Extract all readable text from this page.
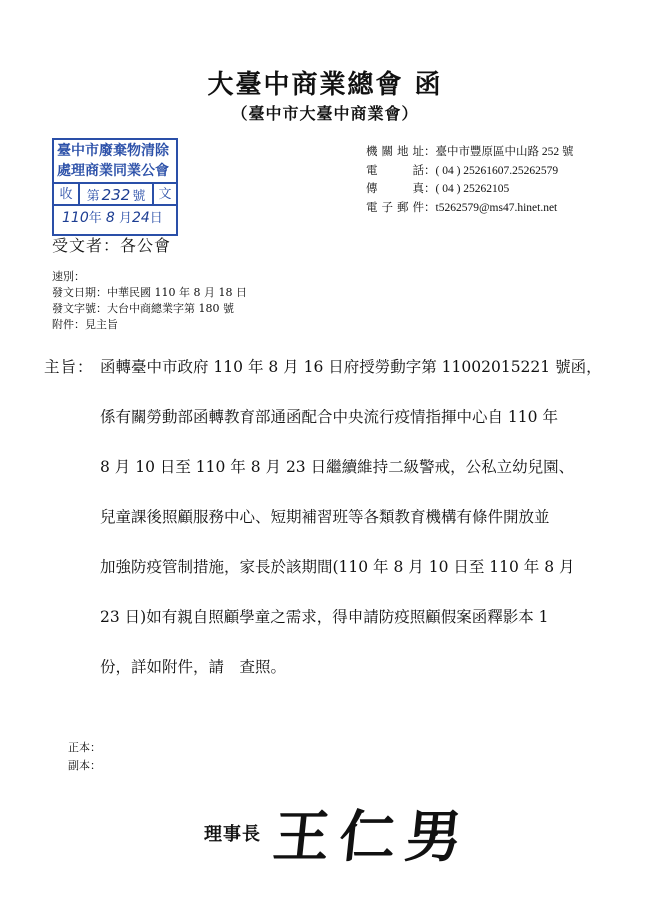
大臺中商業總會 函
（臺中市大臺中商業會）
臺中市廢棄物清除
處理商業同業公會
收	第 232 號	文
110年 8 月24日
機關地址：臺中市豐原區中山路 252 號
電　話：( 04 ) 25261607.25262579
傳　真：( 04 ) 25262105
電子郵件：t5262579@ms47.hinet.net
受文者：各公會
速別：
發文日期：中華民國 110 年 8 月 18 日
發文字號：大台中商總業字第 180 號
附件：見主旨
主旨： 函轉臺中市政府 110 年 8 月 16 日府授勞動字第 11002015221 號函，
係有關勞動部函轉教育部通函配合中央流行疫情指揮中心自 110 年
8 月 10 日至 110 年 8 月 23 日繼續維持二級警戒，公私立幼兒園、
兒童課後照顧服務中心、短期補習班等各類教育機構有條件開放並
加強防疫管制措施，家長於該期間(110 年 8 月 10 日至 110 年 8 月
23 日)如有親自照顧學童之需求，得申請防疫照顧假案函釋影本 1
份，詳如附件，請　查照。
正本：
副本：
理事長 王仁男
